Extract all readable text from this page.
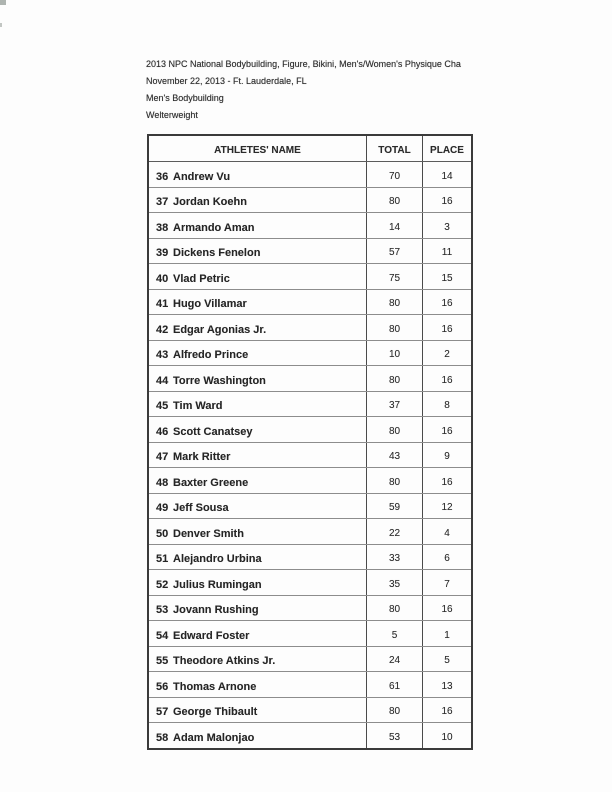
2013 NPC National Bodybuilding, Figure, Bikini, Men's/Women's Physique Cha
November 22, 2013 - Ft. Lauderdale, FL
Men's Bodybuilding
Welterweight
ATHLETES' NAME	TOTAL	PLACE
36 Andrew Vu	70	14
37 Jordan Koehn	80	16
38 Armando Aman	14	3
39 Dickens Fenelon	57	11
40 Vlad Petric	75	15
41 Hugo Villamar	80	16
42 Edgar Agonias Jr.	80	16
43 Alfredo Prince	10	2
44 Torre Washington	80	16
45 Tim Ward	37	8
46 Scott Canatsey	80	16
47 Mark Ritter	43	9
48 Baxter Greene	80	16
49 Jeff Sousa	59	12
50 Denver Smith	22	4
51 Alejandro Urbina	33	6
52 Julius Rumingan	35	7
53 Jovann Rushing	80	16
54 Edward Foster	5	1
55 Theodore Atkins Jr.	24	5
56 Thomas Arnone	61	13
57 George Thibault	80	16
58 Adam Malonjao	53	10
